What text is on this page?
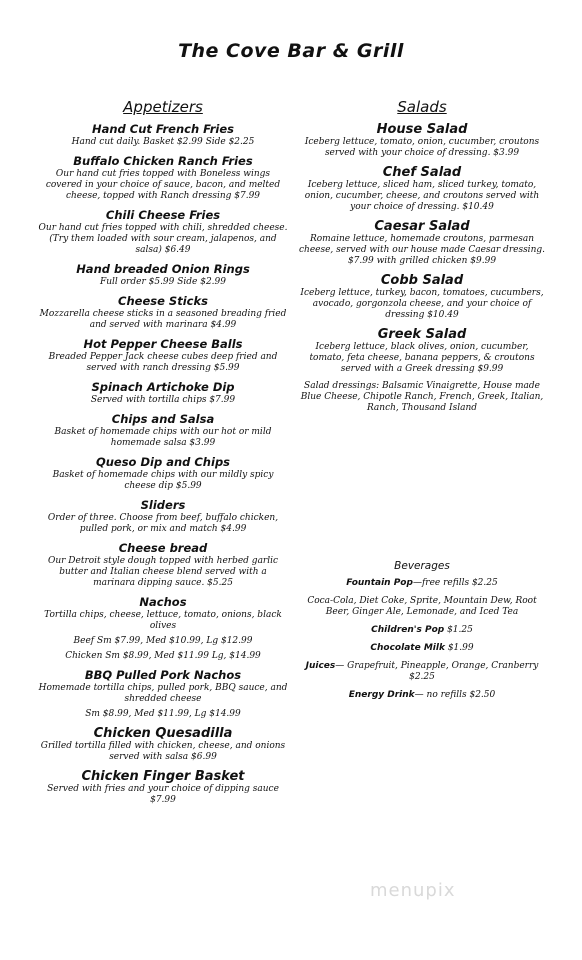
The Cove Bar & Grill
Appetizers
Hand Cut French Fries
Hand cut daily. Basket $2.99 Side $2.25
Buffalo Chicken Ranch Fries
Our hand cut fries topped with Boneless wings covered in your choice of sauce, bacon, and melted cheese, topped with Ranch dressing $7.99
Chili Cheese Fries
Our hand cut fries topped with chili, shredded cheese. (Try them loaded with sour cream, jalapenos, and salsa) $6.49
Hand breaded Onion Rings
Full order $5.99 Side $2.99
Cheese Sticks
Mozzarella cheese sticks in a seasoned breading fried and served with marinara $4.99
Hot Pepper Cheese Balls
Breaded Pepper Jack cheese cubes deep fried and served with ranch dressing $5.99
Spinach Artichoke Dip
Served with tortilla chips $7.99
Chips and Salsa
Basket of homemade chips with our hot or mild homemade salsa $3.99
Queso Dip and Chips
Basket of homemade chips with our mildly spicy cheese dip $5.99
Sliders
Order of three. Choose from beef, buffalo chicken, pulled pork, or mix and match $4.99
Cheese bread
Our Detroit style dough topped with herbed garlic butter and Italian cheese blend served with a marinara dipping sauce. $5.25
Nachos
Tortilla chips, cheese, lettuce, tomato, onions, black olives
Beef Sm $7.99, Med $10.99, Lg $12.99
Chicken Sm $8.99, Med $11.99 Lg, $14.99
BBQ Pulled Pork Nachos
Homemade tortilla chips, pulled pork, BBQ sauce, and shredded cheese
Sm $8.99, Med $11.99, Lg $14.99
Chicken Quesadilla
Grilled tortilla filled with chicken, cheese, and onions served with salsa $6.99
Chicken Finger Basket
Served with fries and your choice of dipping sauce $7.99
Salads
House Salad
Iceberg lettuce, tomato, onion, cucumber, croutons served with your choice of dressing. $3.99
Chef Salad
Iceberg lettuce, sliced ham, sliced turkey, tomato, onion, cucumber, cheese, and croutons served with your choice of dressing. $10.49
Caesar Salad
Romaine lettuce, homemade croutons, parmesan cheese, served with our house made Caesar dressing. $7.99 with grilled chicken $9.99
Cobb Salad
Iceberg lettuce, turkey, bacon, tomatoes, cucumbers, avocado, gorgonzola cheese, and your choice of dressing $10.49
Greek Salad
Iceberg lettuce, black olives, onion, cucumber, tomato, feta cheese, banana peppers, & croutons served with a Greek dressing $9.99
Salad dressings: Balsamic Vinaigrette, House made Blue Cheese, Chipotle Ranch, French, Greek, Italian, Ranch, Thousand Island
Beverages
Fountain Pop—free refills $2.25
Coca-Cola, Diet Coke, Sprite, Mountain Dew, Root Beer, Ginger Ale, Lemonade, and Iced Tea
Children's Pop $1.25
Chocolate Milk $1.99
Juices— Grapefruit, Pineapple, Orange, Cranberry $2.25
Energy Drink— no refills $2.50
menupix
